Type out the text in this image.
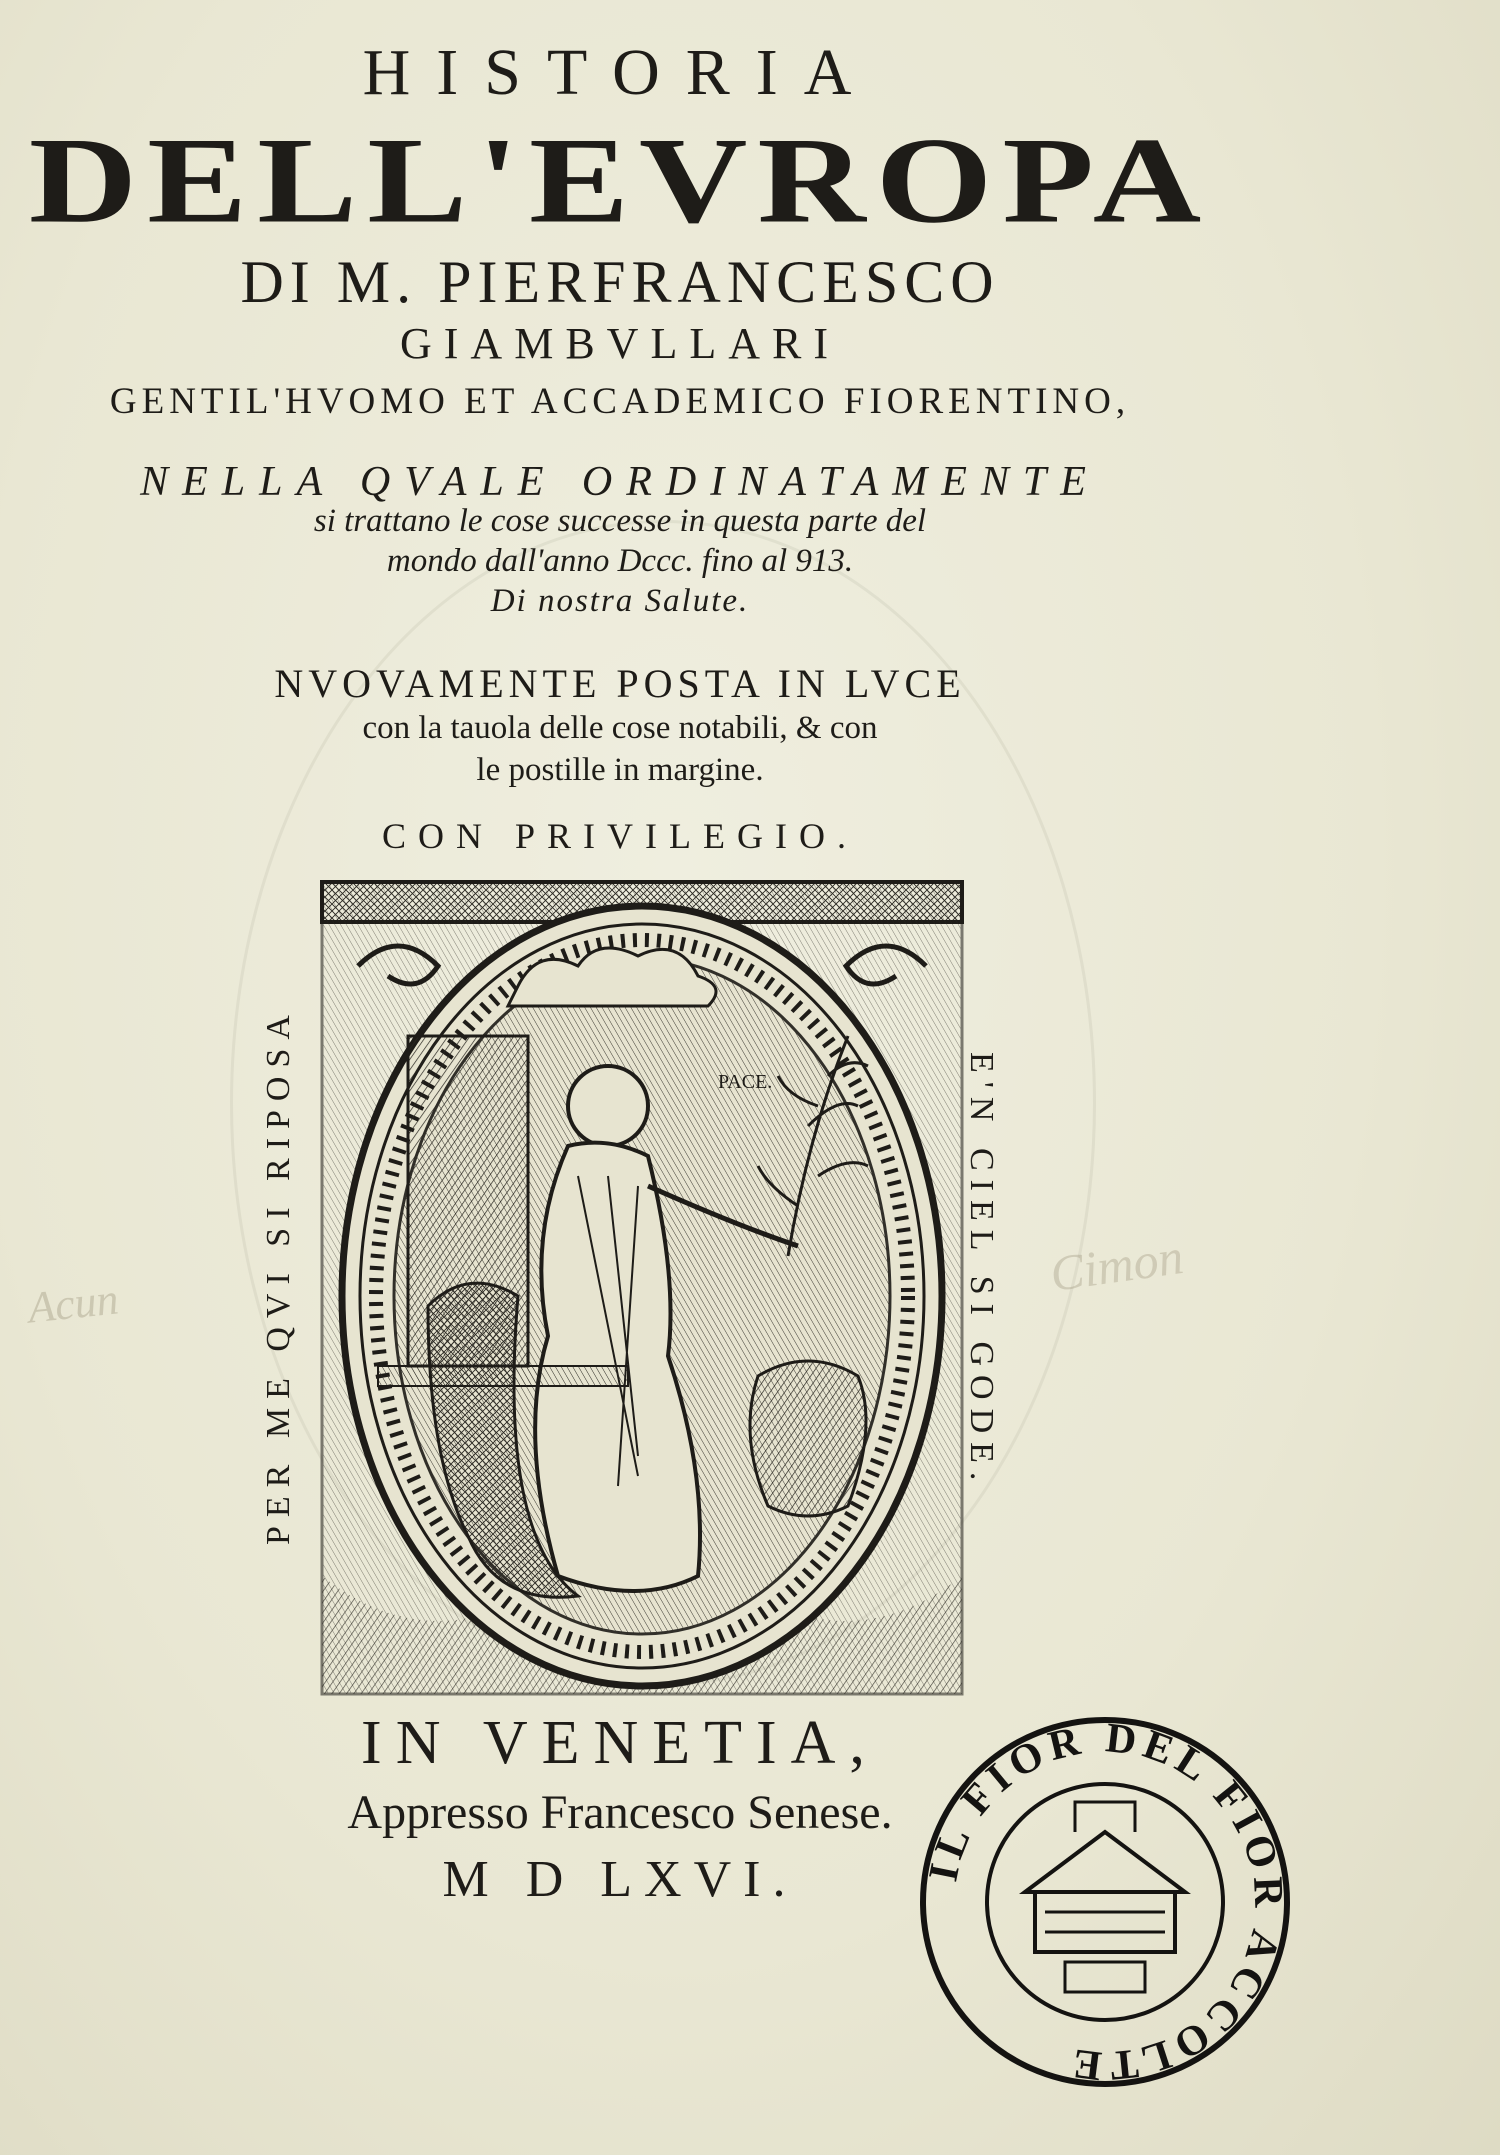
HISTORIA
DELL'EVROPA
DI M. PIERFRANCESCO
GIAMBVLLARI
GENTIL'HVOMO ET ACCADEMICO FIORENTINO,
NELLA QVALE ORDINATAMENTE
si trattano le cose successe in questa parte del
mondo dall'anno Dccc. fino al 913.
Di nostra Salute.
NVOVAMENTE POSTA IN LVCE
con la tauola delle cose notabili, & con
le postille in margine.
CON PRIVILEGIO.
PER ME QVI SI RIPOSA	E'N CIEL SI GODE.
PACE.
IN VENETIA,
Appresso Francesco Senese.
M D LXVI.
Acun
Cimon
IL FIOR DEL FIOR ACCOLTE
